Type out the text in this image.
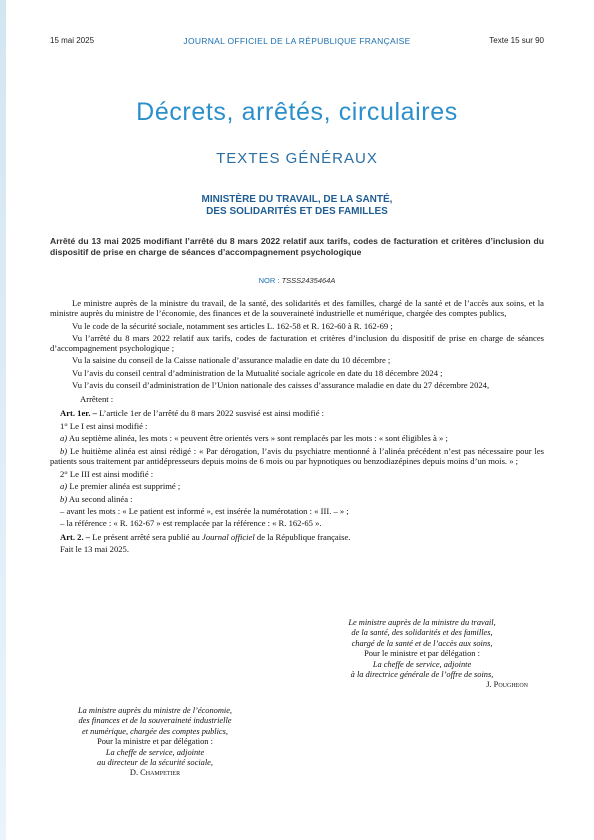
15 mai 2025	JOURNAL OFFICIEL DE LA RÉPUBLIQUE FRANÇAISE	Texte 15 sur 90
Décrets, arrêtés, circulaires
TEXTES GÉNÉRAUX
MINISTÈRE DU TRAVAIL, DE LA SANTÉ,
DES SOLIDARITÉS ET DES FAMILLES
Arrêté du 13 mai 2025 modifiant l’arrêté du 8 mars 2022 relatif aux tarifs, codes de facturation et critères d’inclusion du dispositif de prise en charge de séances d’accompagnement psychologique
NOR : TSSS2435464A

Le ministre auprès de la ministre du travail, de la santé, des solidarités et des familles, chargé de la santé et de l’accès aux soins, et la ministre auprès du ministre de l’économie, des finances et de la souveraineté industrielle et numérique, chargée des comptes publics,

Vu le code de la sécurité sociale, notamment ses articles L. 162-58 et R. 162-60 à R. 162-69 ;

Vu l’arrêté du 8 mars 2022 relatif aux tarifs, codes de facturation et critères d’inclusion du dispositif de prise en charge de séances d’accompagnement psychologique ;

Vu la saisine du conseil de la Caisse nationale d’assurance maladie en date du 10 décembre ;

Vu l’avis du conseil central d’administration de la Mutualité sociale agricole en date du 18 décembre 2024 ;

Vu l’avis du conseil d’administration de l’Union nationale des caisses d’assurance maladie en date du 27 décembre 2024,

Arrêtent :

Art. 1er. – L’article 1er de l’arrêté du 8 mars 2022 susvisé est ainsi modifié :

1° Le I est ainsi modifié :

a) Au septième alinéa, les mots : « peuvent être orientés vers » sont remplacés par les mots : « sont éligibles à » ;

b) Le huitième alinéa est ainsi rédigé : « Par dérogation, l’avis du psychiatre mentionné à l’alinéa précédent n’est pas nécessaire pour les patients sous traitement par antidépresseurs depuis moins de 6 mois ou par hypnotiques ou benzodiazépines depuis moins d’un mois. » ;

2° Le III est ainsi modifié :

a) Le premier alinéa est supprimé ;

b) Au second alinéa :

– avant les mots : « Le patient est informé », est insérée la numérotation : « III. – » ;

– la référence : « R. 162-67 » est remplacée par la référence : « R. 162-65 ».

Art. 2. – Le présent arrêté sera publié au Journal officiel de la République française.

Fait le 13 mai 2025.

Le ministre auprès de la ministre du travail,
de la santé, des solidarités et des familles,
chargé de la santé et de l’accès aux soins,
Pour le ministre et par délégation :
La cheffe de service, adjointe
à la directrice générale de l’offre de soins,
J. Pougheon
La ministre auprès du ministre de l’économie,
des finances et de la souveraineté industrielle
et numérique, chargée des comptes publics,
Pour la ministre et par délégation :
La cheffe de service, adjointe
au directeur de la sécurité sociale,
D. Champetier
